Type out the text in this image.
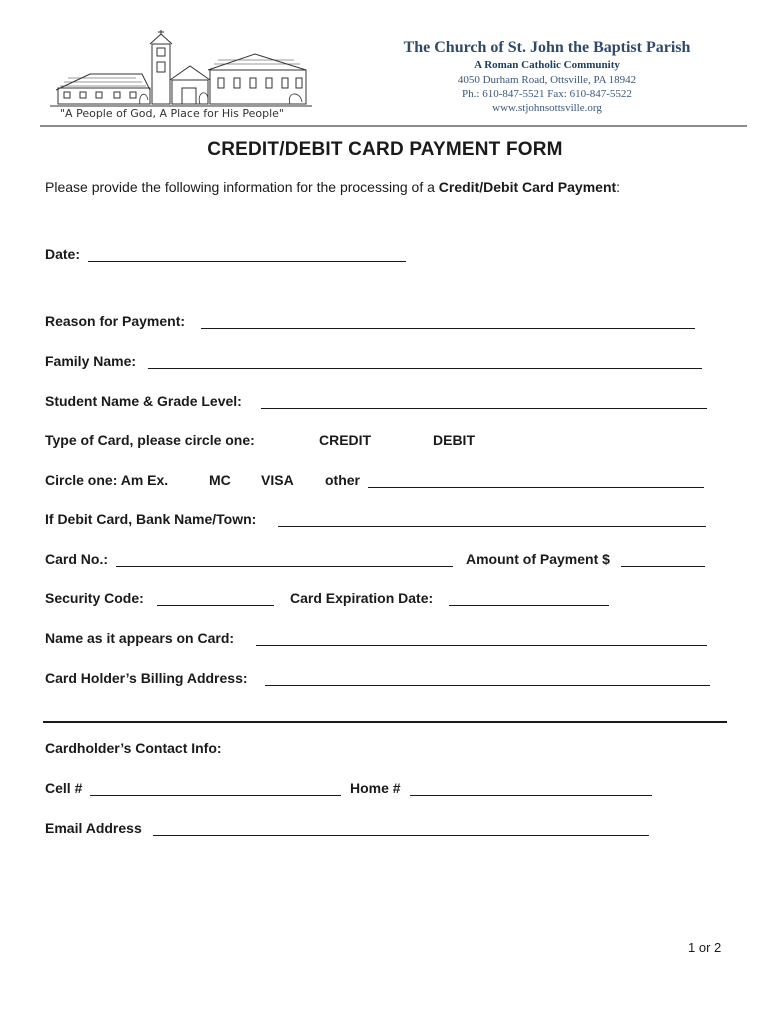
"A People of God, A Place for His People"
The Church of St. John the Baptist Parish
A Roman Catholic Community
4050 Durham Road, Ottsville, PA 18942
Ph.: 610-847-5521 Fax: 610-847-5522
www.stjohnsottsville.org
CREDIT/DEBIT CARD PAYMENT FORM
Please provide the following information for the processing of a Credit/Debit Card Payment:
Date:
Reason for Payment:
Family Name:
Student Name & Grade Level:
Type of Card, please circle one:	CREDIT	DEBIT
Circle one: Am Ex.	MC VISA other
If Debit Card, Bank Name/Town:
Card No.:	Amount of Payment $
Security Code:	Card Expiration Date:
Name as it appears on Card:
Card Holder’s Billing Address:
Cardholder’s Contact Info:
Cell #	Home #
Email Address
1 or 2
